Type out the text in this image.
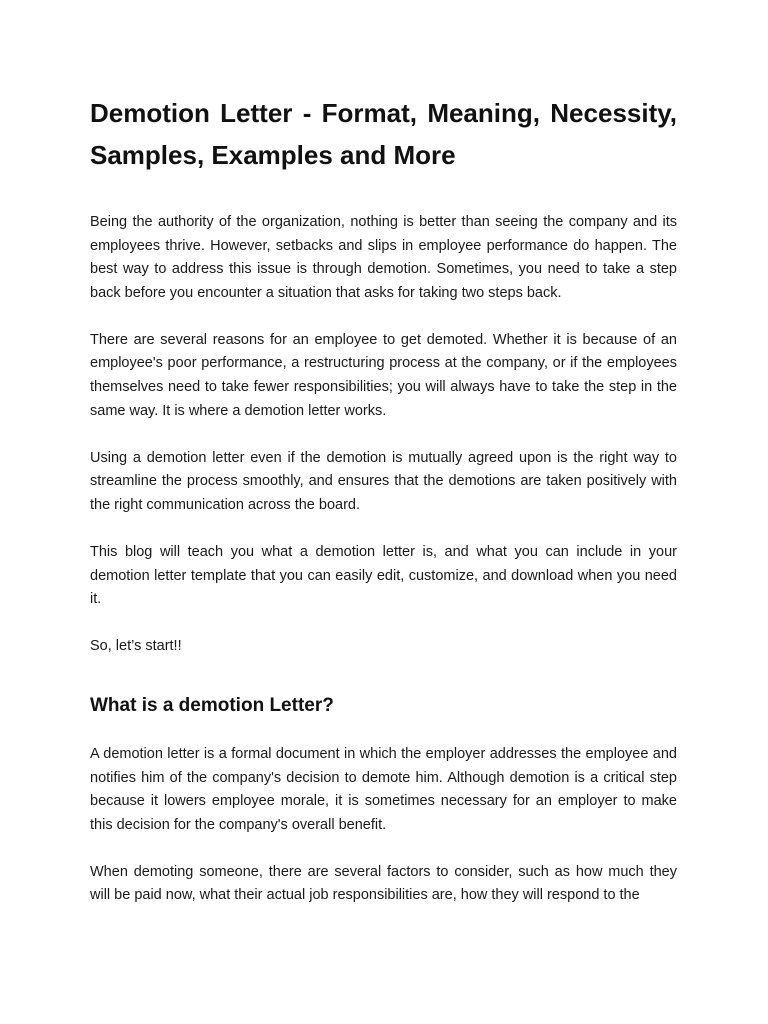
Demotion Letter - Format, Meaning, Necessity, Samples, Examples and More

Being the authority of the organization, nothing is better than seeing the company and its employees thrive. However, setbacks and slips in employee performance do happen. The best way to address this issue is through demotion. Sometimes, you need to take a step back before you encounter a situation that asks for taking two steps back.

There are several reasons for an employee to get demoted. Whether it is because of an employee's poor performance, a restructuring process at the company, or if the employees themselves need to take fewer responsibilities; you will always have to take the step in the same way. It is where a demotion letter works.

Using a demotion letter even if the demotion is mutually agreed upon is the right way to streamline the process smoothly, and ensures that the demotions are taken positively with the right communication across the board.

This blog will teach you what a demotion letter is, and what you can include in your demotion letter template that you can easily edit, customize, and download when you need it.

So, let’s start!!

What is a demotion Letter?

A demotion letter is a formal document in which the employer addresses the employee and notifies him of the company's decision to demote him. Although demotion is a critical step because it lowers employee morale, it is sometimes necessary for an employer to make this decision for the company's overall benefit.

When demoting someone, there are several factors to consider, such as how much they will be paid now, what their actual job responsibilities are, how they will respond to the
